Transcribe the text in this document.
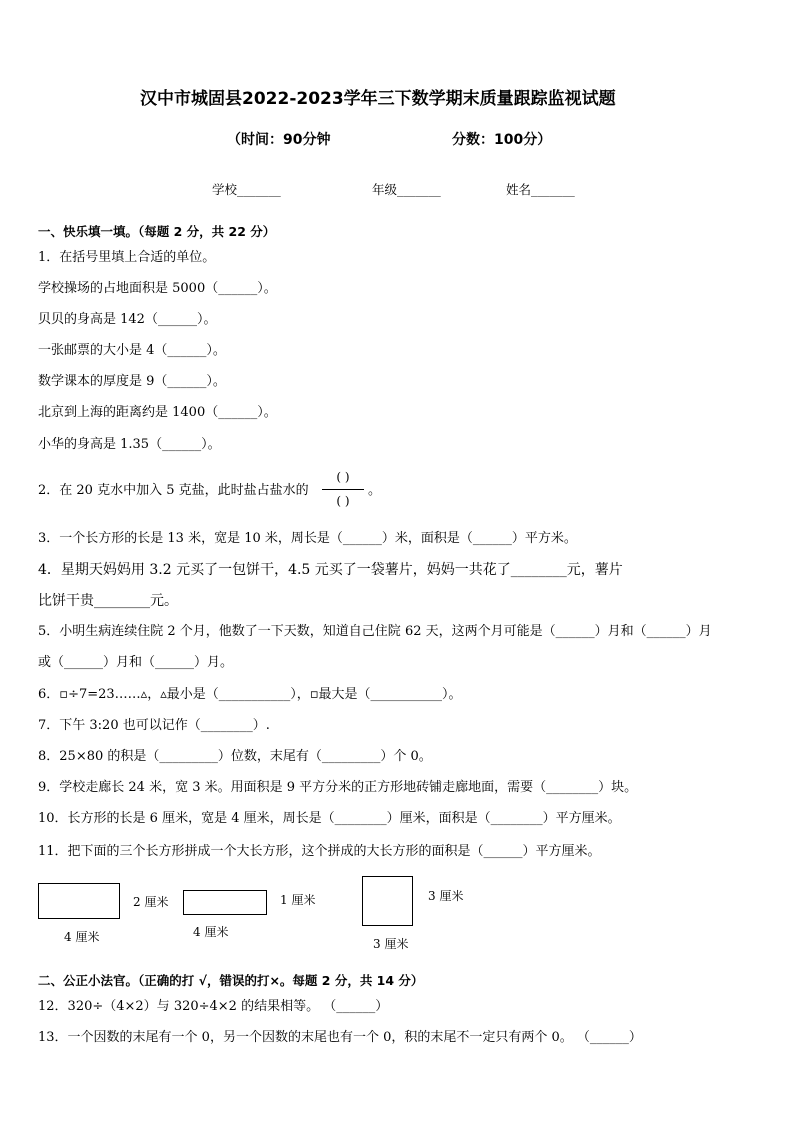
汉中市城固县2022-2023学年三下数学期末质量跟踪监视试题
（时间：90分钟	分数：100分）
学校_______	年级_______	姓名_______
一、快乐填一填。（每题 2 分，共 22 分）
1．在括号里填上合适的单位。
学校操场的占地面积是 5000（______）。
贝贝的身高是 142（______）。
一张邮票的大小是 4（______）。
数学课本的厚度是 9（______）。
北京到上海的距离约是 1400（______）。
小华的身高是 1.35（______）。
2．在 20 克水中加入 5 克盐，此时盐占盐水的
( )
( )
。
3．一个长方形的长是 13 米，宽是 10 米，周长是（______）米，面积是（______）平方米。
4．星期天妈妈用 3.2 元买了一包饼干，4.5 元买了一袋薯片，妈妈一共花了________元，薯片
比饼干贵________元。
5．小明生病连续住院 2 个月，他数了一下天数，知道自己住院 62 天，这两个月可能是（______）月和（______）月
或（______）月和（______）月。
6．▫÷7=23……▵，▵最小是（___________），▫最大是（___________）。
7．下午 3:20 也可以记作（________）.
8．25×80 的积是（_________）位数，末尾有（_________）个 0。
9．学校走廊长 24 米，宽 3 米。用面积是 9 平方分米的正方形地砖铺走廊地面，需要（________）块。
10．长方形的长是 6 厘米，宽是 4 厘米，周长是（________）厘米，面积是（________）平方厘米。
11．把下面的三个长方形拼成一个大长方形，这个拼成的大长方形的面积是（______）平方厘米。
2 厘米
4 厘米
1 厘米
4 厘米
3 厘米
3 厘米
二、公正小法官。（正确的打 √，错误的打×。每题 2 分，共 14 分）
12．320÷（4×2）与 320÷4×2 的结果相等。 （______）
13．一个因数的末尾有一个 0，另一个因数的末尾也有一个 0，积的末尾不一定只有两个 0。 （______）
